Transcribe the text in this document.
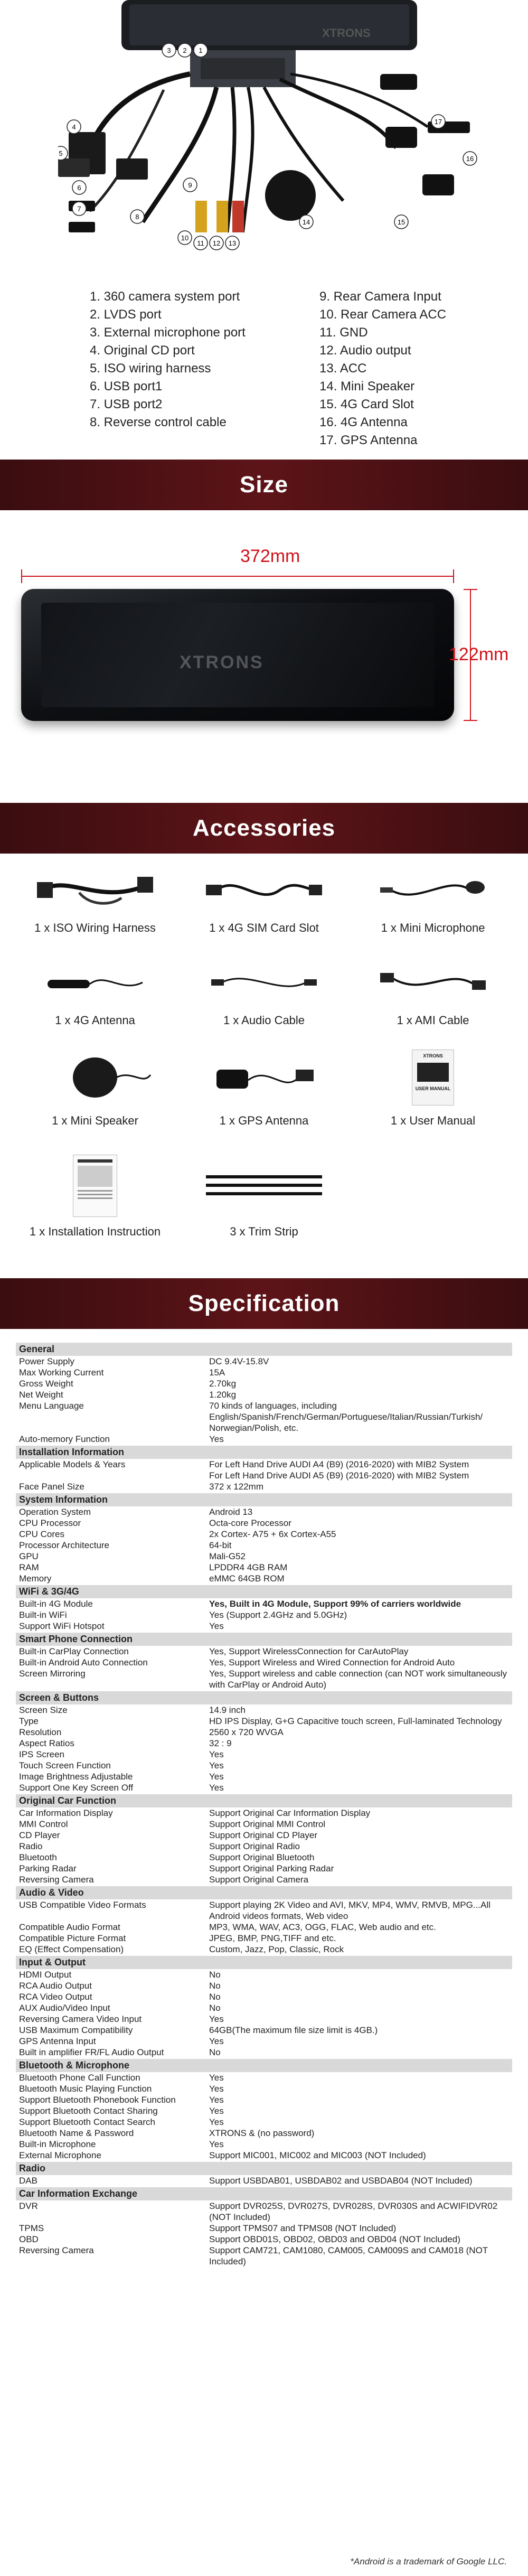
XTRONS
1
2
3
4
5
6
7
8
9
10
11 12 13
14	15
16
17
1. 360 camera system port
2. LVDS port
3. External microphone port
4. Original CD port
5. ISO wiring harness
6. USB port1
7. USB port2
8. Reverse control cable
9. Rear Camera Input
10. Rear Camera ACC
11. GND
12. Audio output
13. ACC
14. Mini Speaker
15. 4G Card Slot
16. 4G Antenna
17. GPS Antenna
Size
372mm
XTRONS	122mm
Accessories
1 x ISO Wiring Harness	1 x 4G SIM Card Slot	1 x Mini Microphone
1 x 4G Antenna	1 x Audio Cable	1 x AMI Cable
1 x Mini Speaker	1 x GPS Antenna
XTRONS
USER MANUAL
1 x User Manual
1 x Installation Instruction	3 x Trim Strip
Specification
General
Power Supply	DC 9.4V-15.8V
Max Working Current	15A
Gross Weight	2.70kg
Net Weight	1.20kg
Menu Language	70 kinds of languages, including English/Spanish/French/German/Portuguese/Italian/Russian/Turkish/ Norwegian/Polish, etc.
Auto-memory Function	Yes
Installation Information
Applicable Models & Years	For Left Hand Drive AUDI A4 (B9) (2016-2020) with MIB2 System
For Left Hand Drive AUDI A5 (B9) (2016-2020) with MIB2 System
Face Panel Size	372 x 122mm
System Information
Operation System	Android 13
CPU Processor	Octa-core Processor
CPU Cores	2x Cortex- A75 + 6x Cortex-A55
Processor Architecture	64-bit
GPU	Mali-G52
RAM	LPDDR4 4GB RAM
Memory	eMMC 64GB ROM
WiFi & 3G/4G
Built-in 4G Module	Yes, Built in 4G Module, Support 99% of carriers worldwide
Built-in WiFi	Yes (Support 2.4GHz and 5.0GHz)
Support WiFi Hotspot	Yes
Smart Phone Connection
Built-in CarPlay Connection	Yes, Support WirelessConnection for CarAutoPlay
Built-in Android Auto Connection	Yes, Support Wireless and Wired Connection for Android Auto
Screen Mirroring	Yes, Support wireless and cable connection (can NOT work simultaneously with CarPlay or Android Auto)
Screen & Buttons
Screen Size	14.9 inch
Type	HD IPS Display, G+G Capacitive touch screen, Full-laminated Technology
Resolution	2560 x 720 WVGA
Aspect Ratios	32 : 9
IPS Screen	Yes
Touch Screen Function	Yes
Image Brightness Adjustable	Yes
Support One Key Screen Off	Yes
Original Car Function
Car Information Display	Support Original Car Information Display
MMI Control	Support Original MMI Control
CD Player	Support Original CD Player
Radio	Support Original Radio
Bluetooth	Support Original Bluetooth
Parking Radar	Support Original Parking Radar
Reversing Camera	Support Original Camera
Audio & Video
USB Compatible Video Formats	Support playing 2K Video and AVI, MKV, MP4, WMV, RMVB, MPG...All Android videos formats, Web video
Compatible Audio Format	MP3, WMA, WAV, AC3, OGG, FLAC, Web audio and etc.
Compatible Picture Format	JPEG, BMP, PNG,TIFF and etc.
EQ (Effect Compensation)	Custom, Jazz, Pop, Classic, Rock
Input & Output
HDMI Output	No
RCA Audio Output	No
RCA Video Output	No
AUX Audio/Video Input	No
Reversing Camera Video Input	Yes
USB Maximum Compatibility	64GB(The maximum file size limit is 4GB.)
GPS Antenna Input	Yes
Built in amplifier FR/FL Audio Output	No
Bluetooth & Microphone
Bluetooth Phone Call Function	Yes
Bluetooth Music Playing Function	Yes
Support Bluetooth Phonebook Function	Yes
Support Bluetooth Contact Sharing	Yes
Support Bluetooth Contact Search	Yes
Bluetooth Name & Password	XTRONS & (no password)
Built-in Microphone	Yes
External Microphone	Support MIC001, MIC002 and MIC003 (NOT Included)
Radio
DAB	Support USBDAB01, USBDAB02 and USBDAB04 (NOT Included)
Car Information Exchange
DVR	Support DVR025S, DVR027S, DVR028S, DVR030S and ACWIFIDVR02 (NOT Included)
TPMS	Support TPMS07 and TPMS08 (NOT Included)
OBD	Support OBD01S, OBD02, OBD03 and OBD04 (NOT Included)
Reversing Camera	Support CAM721, CAM1080, CAM005, CAM009S and CAM018 (NOT Included)
*Android is a trademark of Google LLC.
